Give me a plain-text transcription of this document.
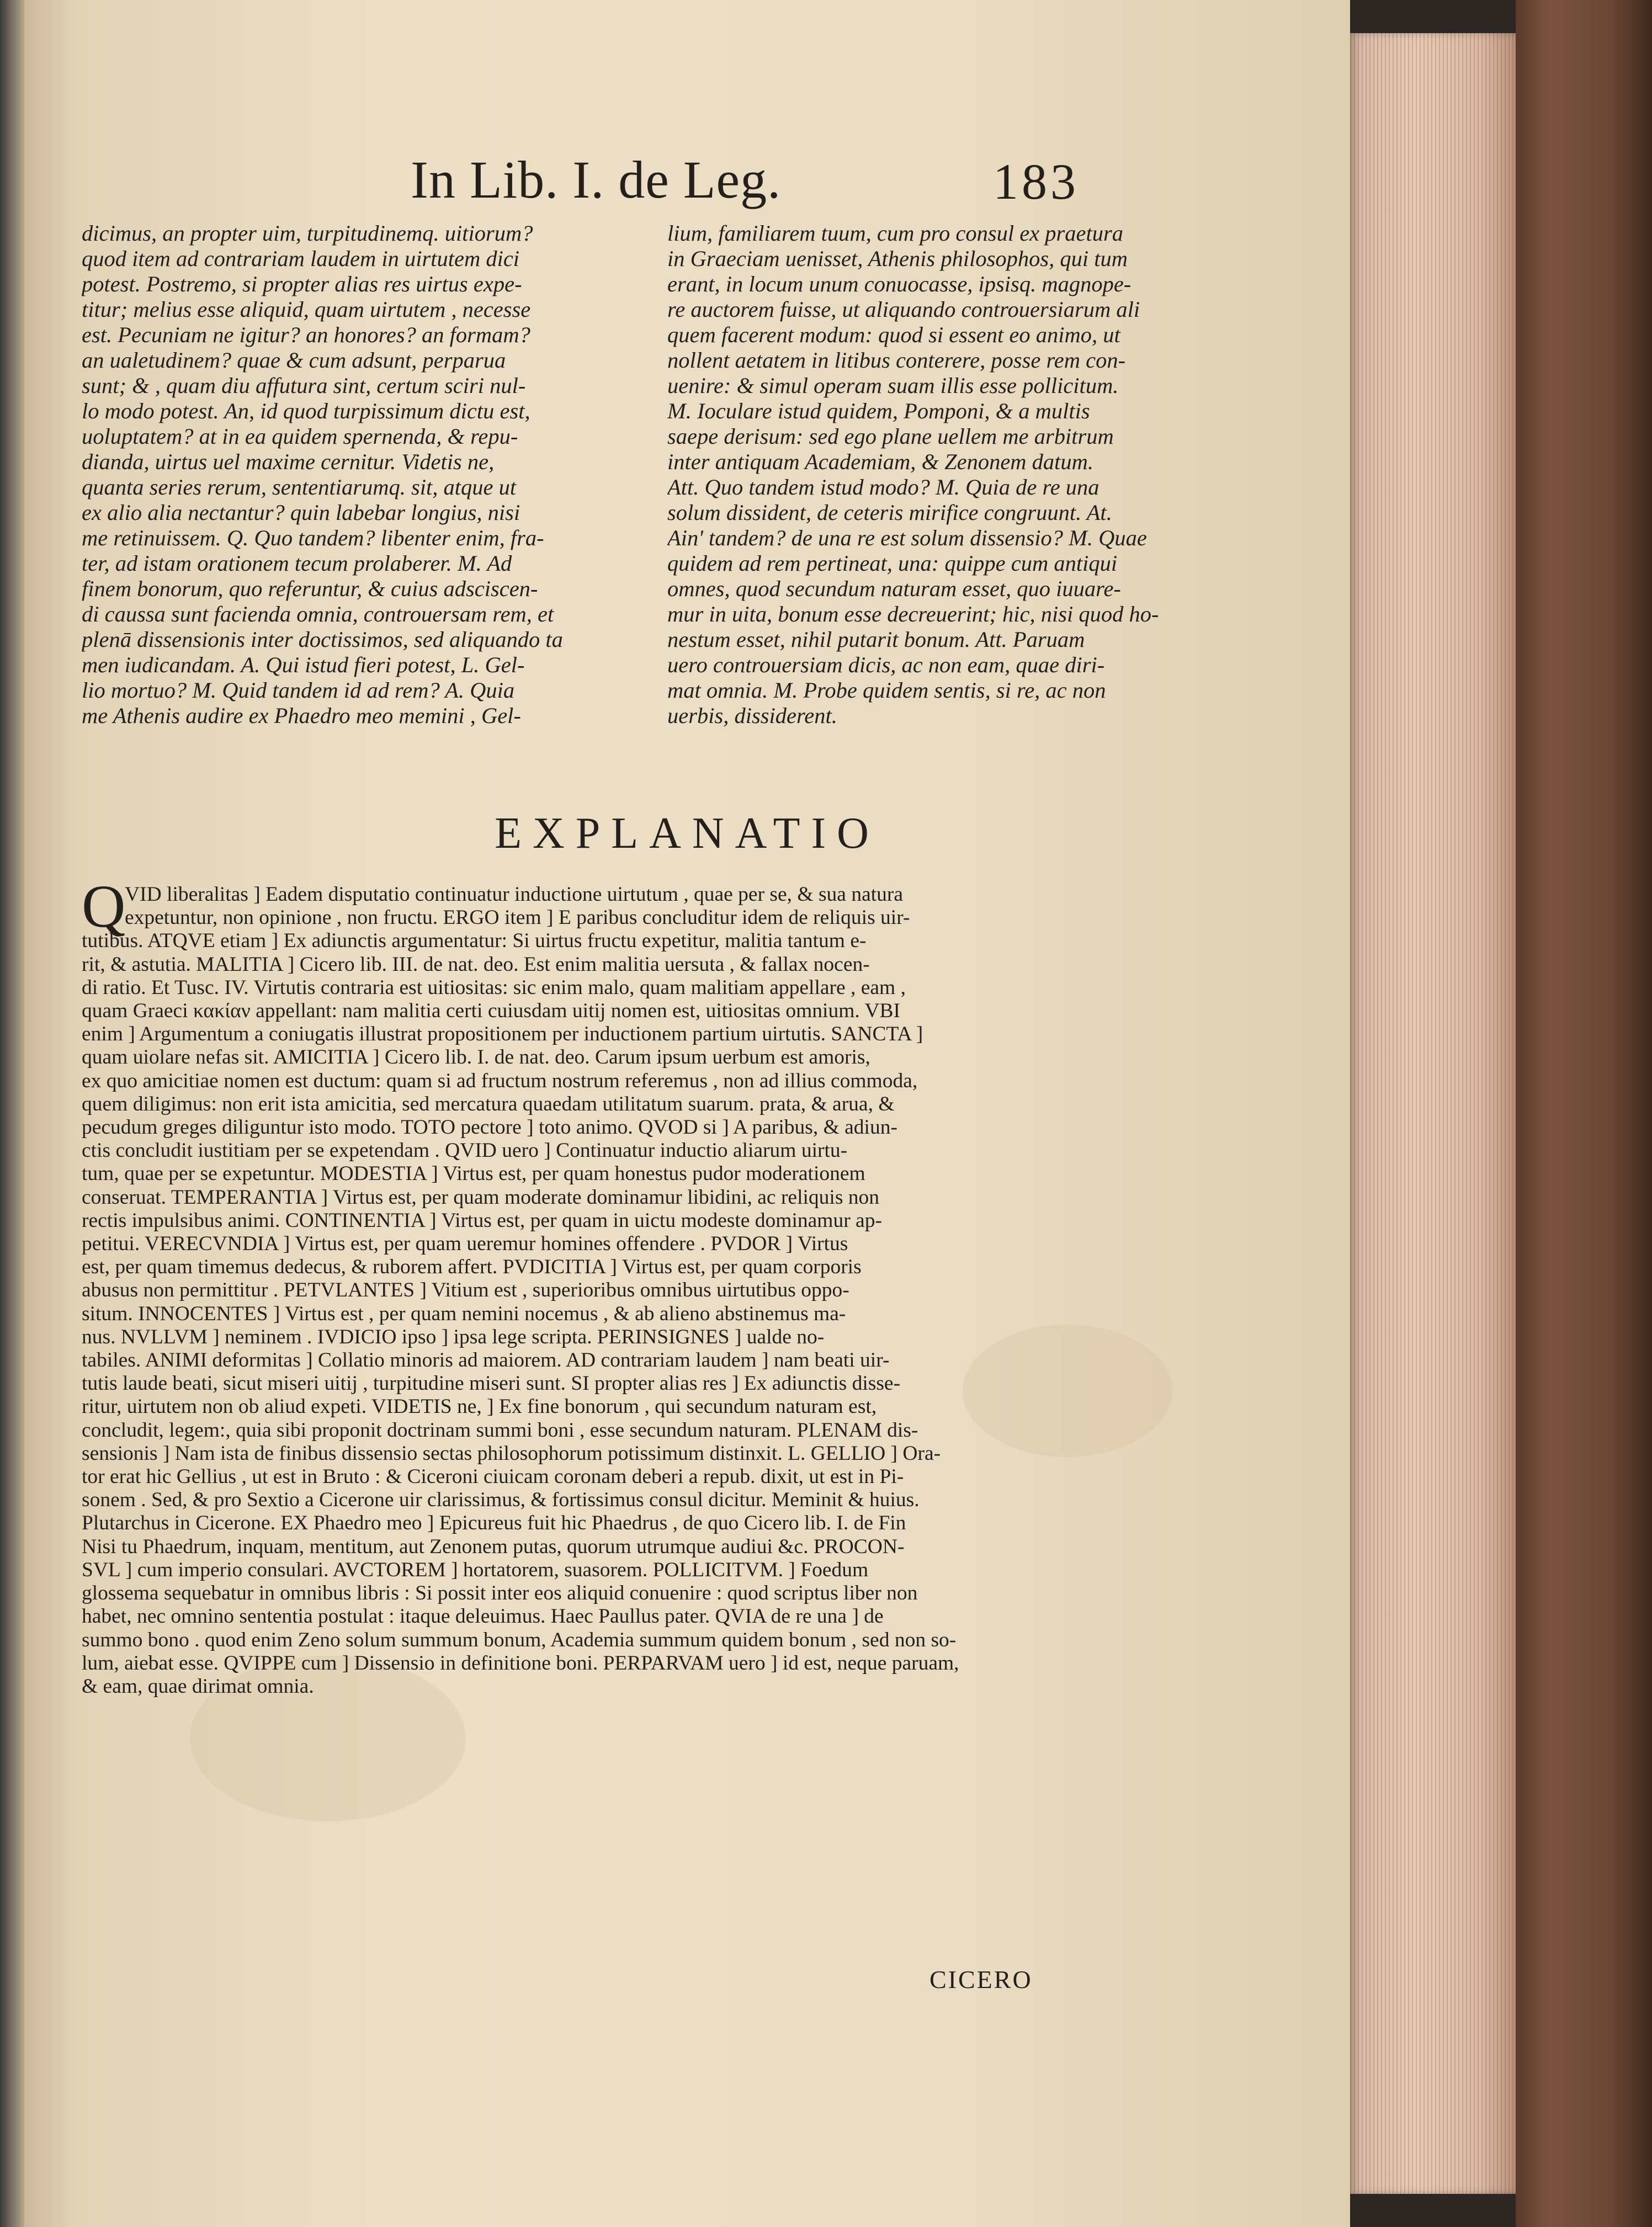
In Lib. I. de Leg.	183
dicimus, an propter uim, turpitudinemq. uitiorum?
quod item ad contrariam laudem in uirtutem dici
potest. Postremo, si propter alias res uirtus expe-
titur; melius esse aliquid, quam uirtutem , necesse
est. Pecuniam ne igitur? an honores? an formam?
an ualetudinem? quae & cum adsunt, perparua
sunt; & , quam diu affutura sint, certum sciri nul-
lo modo potest. An, id quod turpissimum dictu est,
uoluptatem? at in ea quidem spernenda, & repu-
dianda, uirtus uel maxime cernitur. Videtis ne,
quanta series rerum, sententiarumq. sit, atque ut
ex alio alia nectantur? quin labebar longius, nisi
me retinuissem. Q. Quo tandem? libenter enim, fra-
ter, ad istam orationem tecum prolaberer. M. Ad
finem bonorum, quo referuntur, & cuius adsciscen-
di caussa sunt facienda omnia, controuersam rem, et
plenā dissensionis inter doctissimos, sed aliquando ta
men iudicandam. A. Qui istud fieri potest, L. Gel-
lio mortuo? M. Quid tandem id ad rem? A. Quia
me Athenis audire ex Phaedro meo memini , Gel-
lium, familiarem tuum, cum pro consul ex praetura
in Graeciam uenisset, Athenis philosophos, qui tum
erant, in locum unum conuocasse, ipsisq. magnope-
re auctorem fuisse, ut aliquando controuersiarum ali
quem facerent modum: quod si essent eo animo, ut
nollent aetatem in litibus conterere, posse rem con-
uenire: & simul operam suam illis esse pollicitum.
M. Ioculare istud quidem, Pomponi, & a multis
saepe derisum: sed ego plane uellem me arbitrum
inter antiquam Academiam, & Zenonem datum.
Att. Quo tandem istud modo? M. Quia de re una
solum dissident, de ceteris mirifice congruunt. At.
Ain' tandem? de una re est solum dissensio? M. Quae
quidem ad rem pertineat, una: quippe cum antiqui
omnes, quod secundum naturam esset, quo iuuare-
mur in uita, bonum esse decreuerint; hic, nisi quod ho-
nestum esset, nihil putarit bonum. Att. Paruam
uero controuersiam dicis, ac non eam, quae diri-
mat omnia. M. Probe quidem sentis, si re, ac non
uerbis, dissiderent.
EXPLANATIO
Q
VID liberalitas ] Eadem disputatio continuatur inductione uirtutum , quae per se, & sua natura
expetuntur, non opinione , non fructu. ERGO item ] E paribus concluditur idem de reliquis uir-
tutibus. ATQVE etiam ] Ex adiunctis argumentatur: Si uirtus fructu expetitur, malitia tantum e-
rit, & astutia. MALITIA ] Cicero lib. III. de nat. deo. Est enim malitia uersuta , & fallax nocen-
di ratio. Et Tusc. IV. Virtutis contraria est uitiositas: sic enim malo, quam malitiam appellare , eam ,
quam Graeci κακίαν appellant: nam malitia certi cuiusdam uitij nomen est, uitiositas omnium. VBI
enim ] Argumentum a coniugatis illustrat propositionem per inductionem partium uirtutis. SANCTA ]
quam uiolare nefas sit. AMICITIA ] Cicero lib. I. de nat. deo. Carum ipsum uerbum est amoris,
ex quo amicitiae nomen est ductum: quam si ad fructum nostrum referemus , non ad illius commoda,
quem diligimus: non erit ista amicitia, sed mercatura quaedam utilitatum suarum. prata, & arua, &
pecudum greges diliguntur isto modo. TOTO pectore ] toto animo. QVOD si ] A paribus, & adiun-
ctis concludit iustitiam per se expetendam . QVID uero ] Continuatur inductio aliarum uirtu-
tum, quae per se expetuntur. MODESTIA ] Virtus est, per quam honestus pudor moderationem
conseruat. TEMPERANTIA ] Virtus est, per quam moderate dominamur libidini, ac reliquis non
rectis impulsibus animi. CONTINENTIA ] Virtus est, per quam in uictu modeste dominamur ap-
petitui. VERECVNDIA ] Virtus est, per quam ueremur homines offendere . PVDOR ] Virtus
est, per quam timemus dedecus, & ruborem affert. PVDICITIA ] Virtus est, per quam corporis
abusus non permittitur . PETVLANTES ] Vitium est , superioribus omnibus uirtutibus oppo-
situm. INNOCENTES ] Virtus est , per quam nemini nocemus , & ab alieno abstinemus ma-
nus. NVLLVM ] neminem . IVDICIO ipso ] ipsa lege scripta. PERINSIGNES ] ualde no-
tabiles. ANIMI deformitas ] Collatio minoris ad maiorem. AD contrariam laudem ] nam beati uir-
tutis laude beati, sicut miseri uitij , turpitudine miseri sunt. SI propter alias res ] Ex adiunctis disse-
ritur, uirtutem non ob aliud expeti. VIDETIS ne, ] Ex fine bonorum , qui secundum naturam est,
concludit, legem:, quia sibi proponit doctrinam summi boni , esse secundum naturam. PLENAM dis-
sensionis ] Nam ista de finibus dissensio sectas philosophorum potissimum distinxit. L. GELLIO ] Ora-
tor erat hic Gellius , ut est in Bruto : & Ciceroni ciuicam coronam deberi a repub. dixit, ut est in Pi-
sonem . Sed, & pro Sextio a Cicerone uir clarissimus, & fortissimus consul dicitur. Meminit & huius.
Plutarchus in Cicerone. EX Phaedro meo ] Epicureus fuit hic Phaedrus , de quo Cicero lib. I. de Fin
Nisi tu Phaedrum, inquam, mentitum, aut Zenonem putas, quorum utrumque audiui &c. PROCON-
SVL ] cum imperio consulari. AVCTOREM ] hortatorem, suasorem. POLLICITVM. ] Foedum
glossema sequebatur in omnibus libris : Si possit inter eos aliquid conuenire : quod scriptus liber non
habet, nec omnino sententia postulat : itaque deleuimus. Haec Paullus pater. QVIA de re una ] de
summo bono . quod enim Zeno solum summum bonum, Academia summum quidem bonum , sed non so-
lum, aiebat esse. QVIPPE cum ] Dissensio in definitione boni. PERPARVAM uero ] id est, neque paruam,
& eam, quae dirimat omnia.
CICERO
